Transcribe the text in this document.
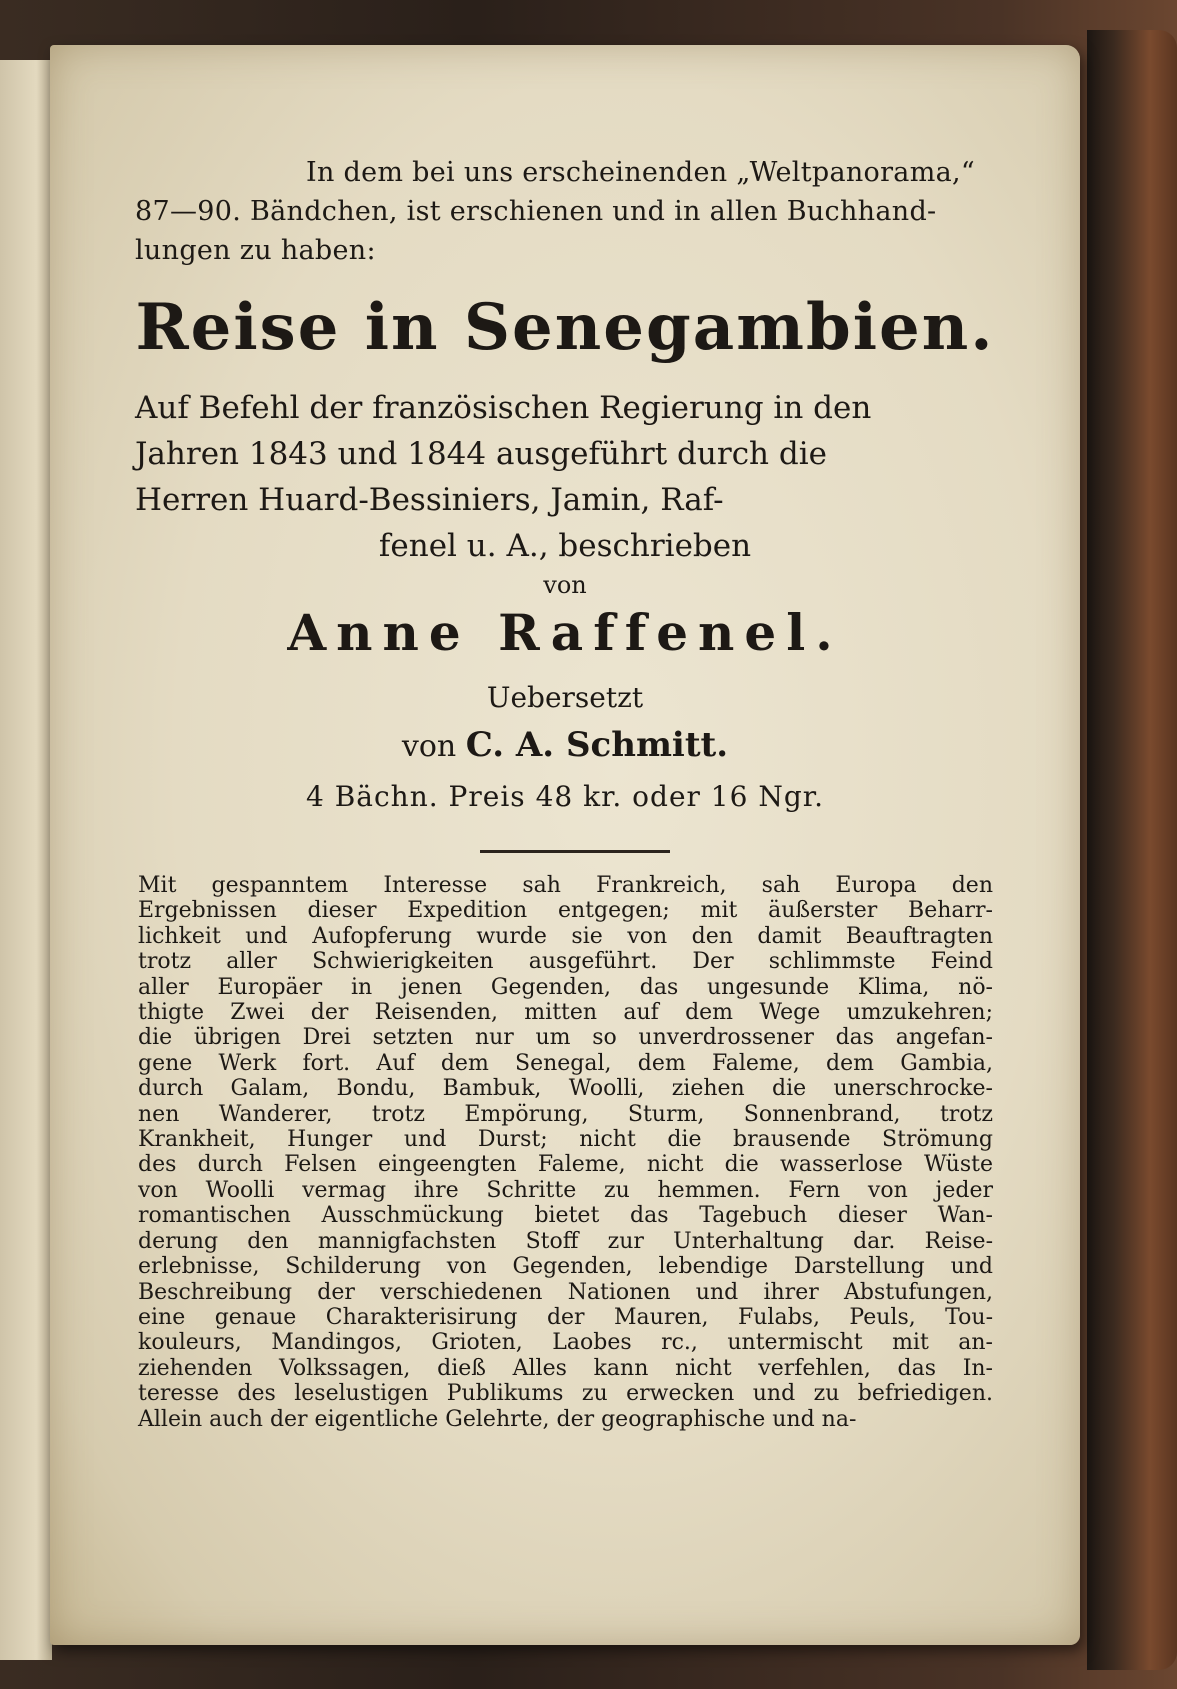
In dem bei uns erscheinenden „Weltpanorama,“
87—90. Bändchen, ist erschienen und in allen Buchhand-
lungen zu haben:
Reise in Senegambien.
Auf Befehl der französischen Regierung in den
Jahren 1843 und 1844 ausgeführt durch die
Herren Huard-Bessiniers, Jamin, Raf-
fenel u. A., beschrieben
von
Anne Raffenel.
Uebersetzt
von C. A. Schmitt.
4 Bächn. Preis 48 kr. oder 16 Ngr.
Mit gespanntem Interesse sah Frankreich, sah Europa den
Ergebnissen dieser Expedition entgegen; mit äußerster Beharr-
lichkeit und Aufopferung wurde sie von den damit Beauftragten
trotz aller Schwierigkeiten ausgeführt. Der schlimmste Feind
aller Europäer in jenen Gegenden, das ungesunde Klima, nö-
thigte Zwei der Reisenden, mitten auf dem Wege umzukehren;
die übrigen Drei setzten nur um so unverdrossener das angefan-
gene Werk fort. Auf dem Senegal, dem Faleme, dem Gambia,
durch Galam, Bondu, Bambuk, Woolli, ziehen die unerschrocke-
nen Wanderer, trotz Empörung, Sturm, Sonnenbrand, trotz
Krankheit, Hunger und Durst; nicht die brausende Strömung
des durch Felsen eingeengten Faleme, nicht die wasserlose Wüste
von Woolli vermag ihre Schritte zu hemmen. Fern von jeder
romantischen Ausschmückung bietet das Tagebuch dieser Wan-
derung den mannigfachsten Stoff zur Unterhaltung dar. Reise-
erlebnisse, Schilderung von Gegenden, lebendige Darstellung und
Beschreibung der verschiedenen Nationen und ihrer Abstufungen,
eine genaue Charakterisirung der Mauren, Fulabs, Peuls, Tou-
kouleurs, Mandingos, Grioten, Laobes rc., untermischt mit an-
ziehenden Volkssagen, dieß Alles kann nicht verfehlen, das In-
teresse des leselustigen Publikums zu erwecken und zu befriedigen.
Allein auch der eigentliche Gelehrte, der geographische und na-
